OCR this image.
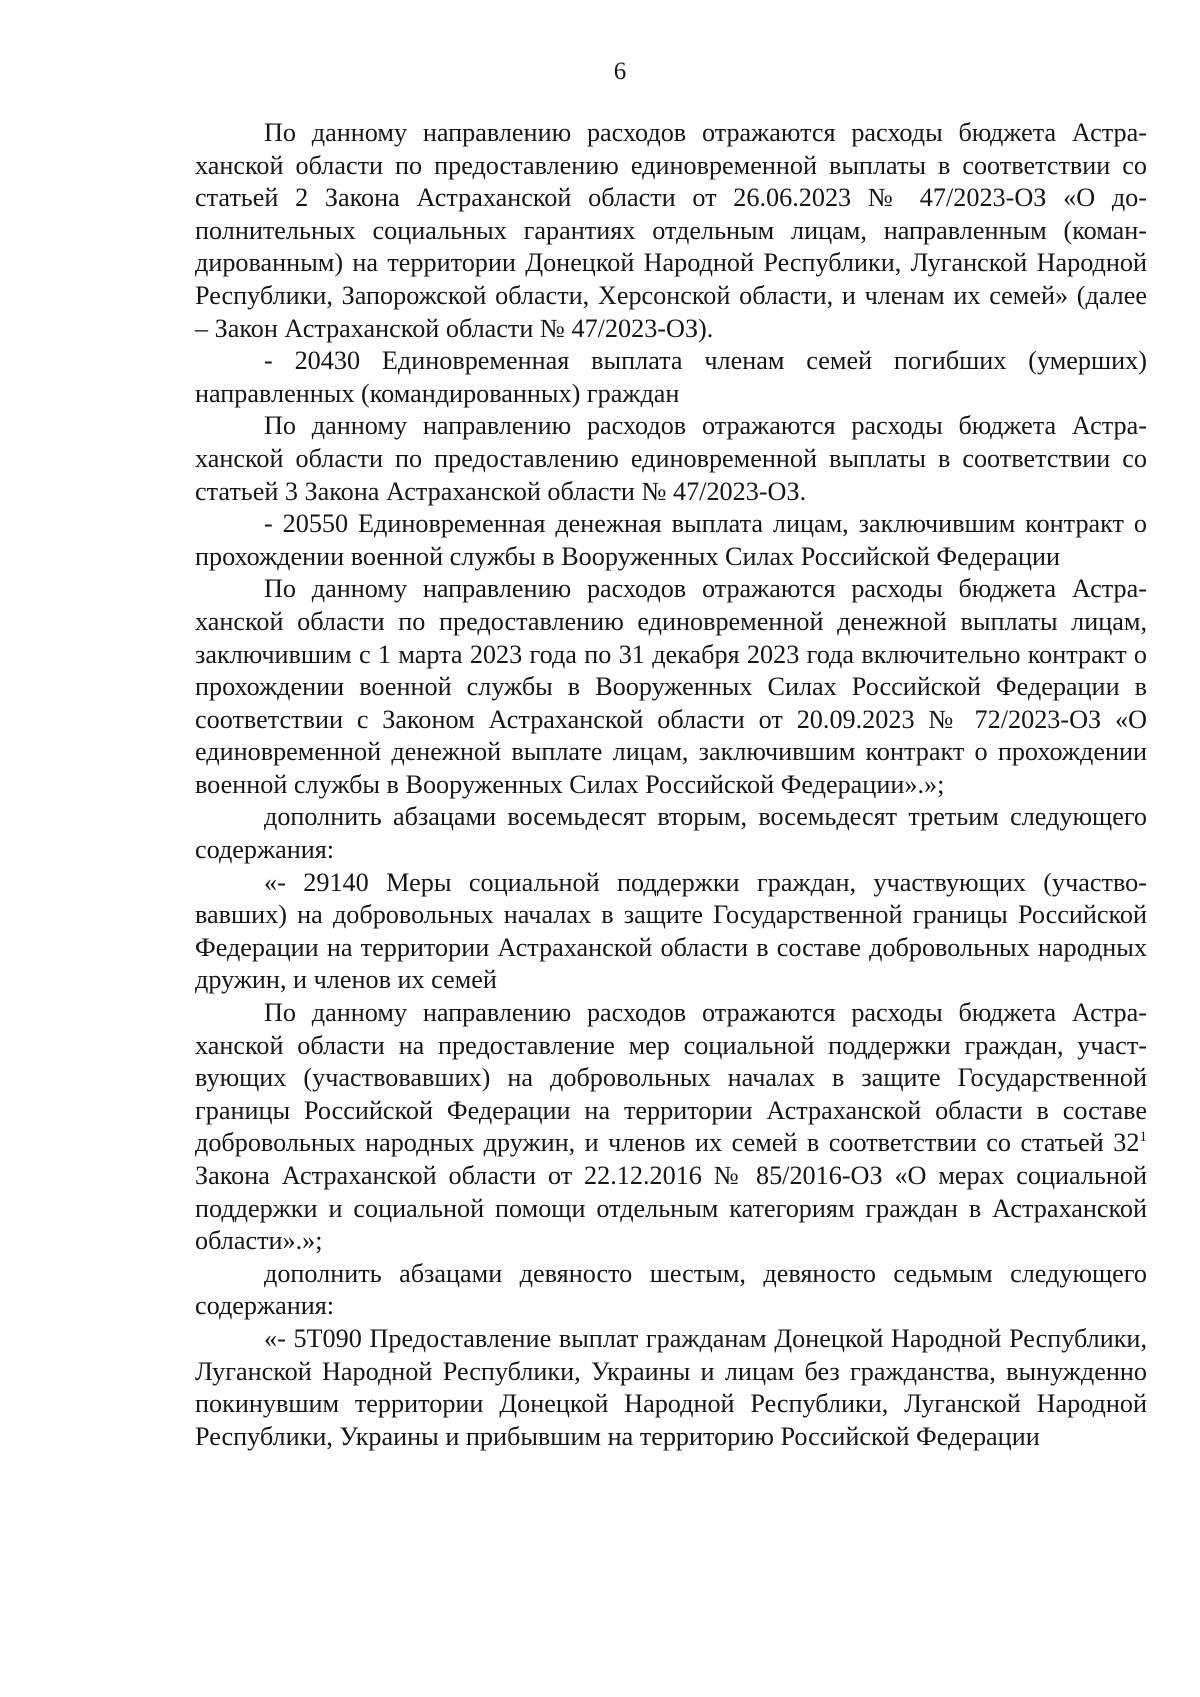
6

По данному направлению расходов отражаются расходы бюджета Астраханской области по предоставлению единовременной выплаты в соответствии со статьей 2 Закона Астраханской области от 26.06.2023 № 47/2023-ОЗ «О дополнительных социальных гарантиях отдельным лицам, направленным (командированным) на территории Донецкой Народной Республики, Луганской Народной Республики, Запорожской области, Херсонской области, и членам их семей» (далее – Закон Астраханской области № 47/2023-ОЗ).

- 20430 Единовременная выплата членам семей погибших (умерших) направленных (командированных) граждан

По данному направлению расходов отражаются расходы бюджета Астраханской области по предоставлению единовременной выплаты в соответствии со статьей 3 Закона Астраханской области № 47/2023-ОЗ.

- 20550 Единовременная денежная выплата лицам, заключившим контракт о прохождении военной службы в Вооруженных Силах Российской Федерации

По данному направлению расходов отражаются расходы бюджета Астраханской области по предоставлению единовременной денежной выплаты лицам, заключившим с 1 марта 2023 года по 31 декабря 2023 года включительно контракт о прохождении военной службы в Вооруженных Силах Российской Федерации в соответствии с Законом Астраханской области от 20.09.2023 № 72/2023-ОЗ «О единовременной денежной выплате лицам, заключившим контракт о прохождении военной службы в Вооруженных Силах Российской Федерации».»;

дополнить абзацами восемьдесят вторым, восемьдесят третьим следующего содержания:

«- 29140 Меры социальной поддержки граждан, участвующих (участвовавших) на добровольных началах в защите Государственной границы Российской Федерации на территории Астраханской области в составе добровольных народных дружин, и членов их семей

По данному направлению расходов отражаются расходы бюджета Астраханской области на предоставление мер социальной поддержки граждан, участвующих (участвовавших) на добровольных началах в защите Государственной границы Российской Федерации на территории Астраханской области в составе добровольных народных дружин, и членов их семей в соответствии со статьей $32^1$ Закона Астраханской области от 22.12.2016 № 85/2016-ОЗ «О мерах социальной поддержки и социальной помощи отдельным категориям граждан в Астраханской области».»;

дополнить абзацами девяносто шестым, девяносто седьмым следующего содержания:

«- 5Т090 Предоставление выплат гражданам Донецкой Народной Республики, Луганской Народной Республики, Украины и лицам без гражданства, вынужденно покинувшим территории Донецкой Народной Республики, Луганской Народной Республики, Украины и прибывшим на территорию Российской Федерации
